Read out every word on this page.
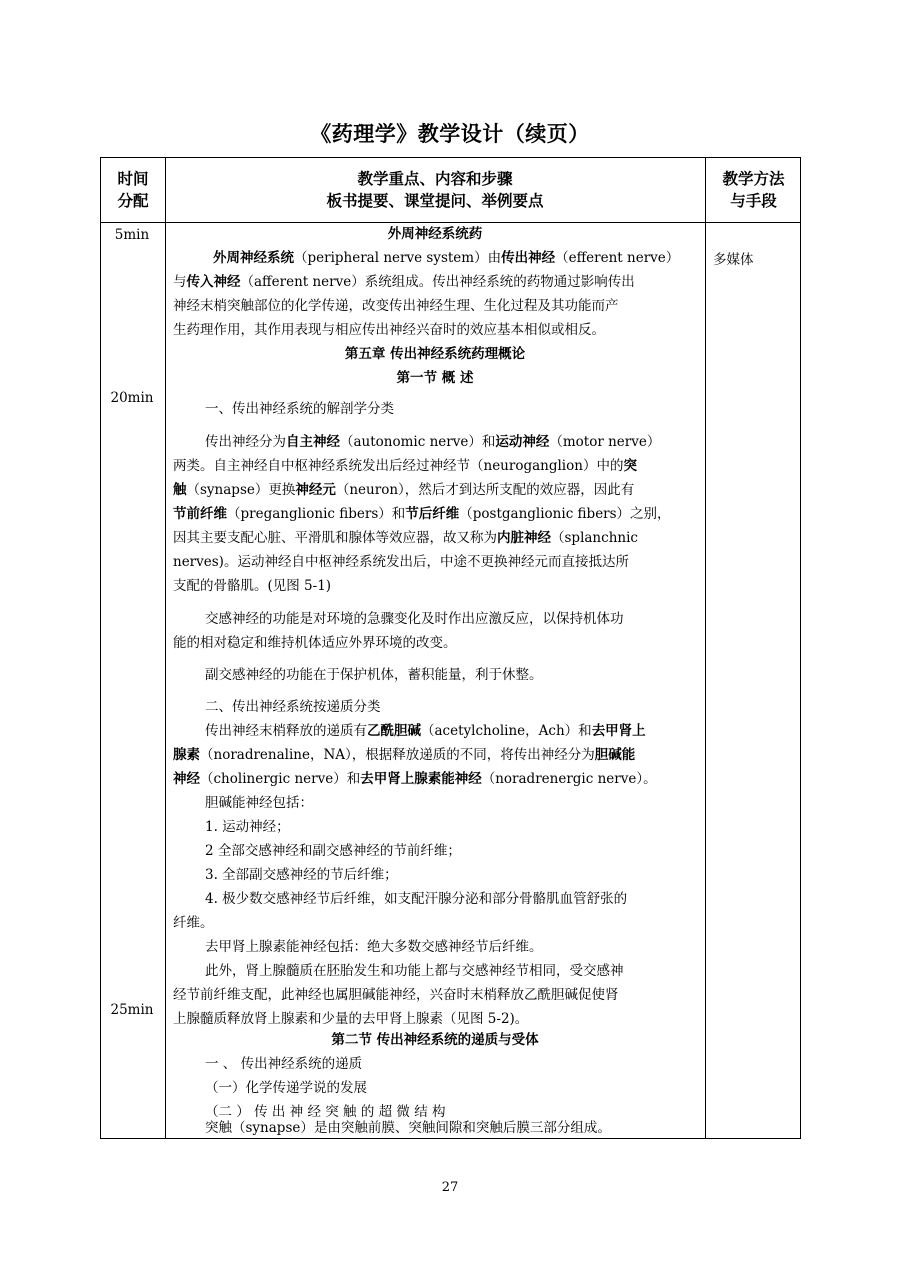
《药理学》教学设计（续页）
时间
分配
教学重点、内容和步骤
板书提要、课堂提问、举例要点
教学方法
与手段
5min
20min
25min
多媒体
外周神经系统药
外周神经系统（peripheral nerve system）由传出神经（efferent nerve）
与传入神经（afferent nerve）系统组成。传出神经系统的药物通过影响传出
神经末梢突触部位的化学传递，改变传出神经生理、生化过程及其功能而产
生药理作用，其作用表现与相应传出神经兴奋时的效应基本相似或相反。
第五章 传出神经系统药理概论
第一节 概 述
一、传出神经系统的解剖学分类
传出神经分为自主神经（autonomic nerve）和运动神经（motor nerve）
两类。自主神经自中枢神经系统发出后经过神经节（neuroganglion）中的突
触（synapse）更换神经元（neuron），然后才到达所支配的效应器，因此有
节前纤维（preganglionic fibers）和节后纤维（postganglionic fibers）之别，
因其主要支配心脏、平滑肌和腺体等效应器，故又称为内脏神经（splanchnic
nerves)。运动神经自中枢神经系统发出后，中途不更换神经元而直接抵达所
支配的骨骼肌。(见图 5-1)
交感神经的功能是对环境的急骤变化及时作出应激反应，以保持机体功
能的相对稳定和维持机体适应外界环境的改变。
副交感神经的功能在于保护机体，蓄积能量，利于休整。
二、传出神经系统按递质分类
传出神经末梢释放的递质有乙酰胆碱（acetylcholine，Ach）和去甲肾上
腺素（noradrenaline，NA），根据释放递质的不同，将传出神经分为胆碱能
神经（cholinergic nerve）和去甲肾上腺素能神经（noradrenergic nerve）。
胆碱能神经包括：
1. 运动神经；
2 全部交感神经和副交感神经的节前纤维；
3. 全部副交感神经的节后纤维；
4. 极少数交感神经节后纤维，如支配汗腺分泌和部分骨骼肌血管舒张的
纤维。
去甲肾上腺素能神经包括：绝大多数交感神经节后纤维。
此外，肾上腺髓质在胚胎发生和功能上都与交感神经节相同，受交感神
经节前纤维支配，此神经也属胆碱能神经，兴奋时末梢释放乙酰胆碱促使肾
上腺髓质释放肾上腺素和少量的去甲肾上腺素（见图 5-2)。
第二节 传出神经系统的递质与受体
一 、 传出神经系统的递质
（一）化学传递学说的发展
（二 ） 传 出 神 经 突 触 的 超 微 结 构
突触（synapse）是由突触前膜、突触间隙和突触后膜三部分组成。
27
